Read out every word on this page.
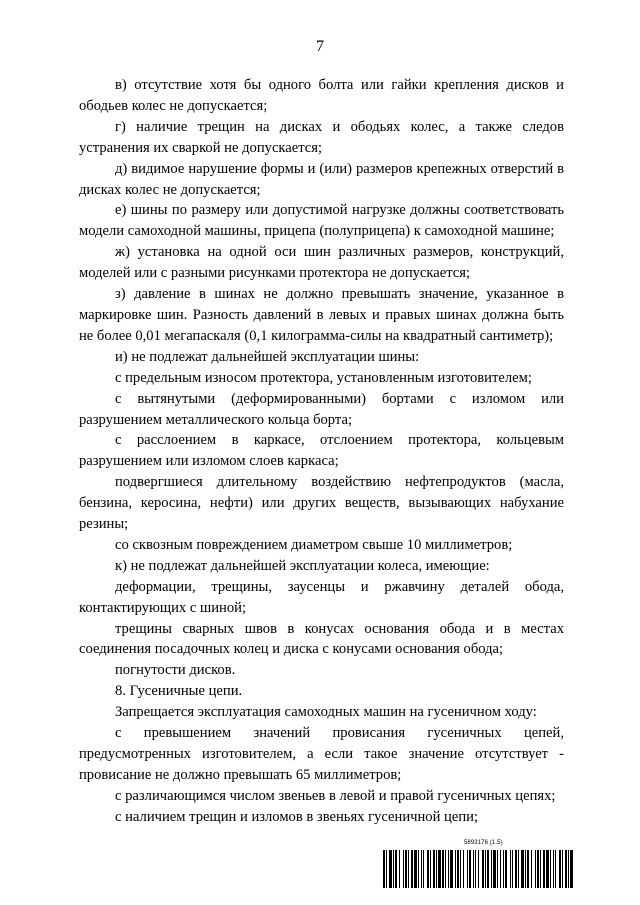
7

в) отсутствие хотя бы одного болта или гайки крепления дисков и ободьев колес не допускается;

г) наличие трещин на дисках и ободьях колес, а также следов устранения их сваркой не допускается;

д) видимое нарушение формы и (или) размеров крепежных отверстий в дисках колес не допускается;

е) шины по размеру или допустимой нагрузке должны соответствовать модели самоходной машины, прицепа (полуприцепа) к самоходной машине;

ж) установка на одной оси шин различных размеров, конструкций, моделей или с разными рисунками протектора не допускается;

з) давление в шинах не должно превышать значение, указанное в маркировке шин. Разность давлений в левых и правых шинах должна быть не более 0,01 мегапаскаля (0,1 килограмма-силы на квадратный сантиметр);

и) не подлежат дальнейшей эксплуатации шины:

с предельным износом протектора, установленным изготовителем;

с вытянутыми (деформированными) бортами с изломом или разрушением металлического кольца борта;

с расслоением в каркасе, отслоением протектора, кольцевым разрушением или изломом слоев каркаса;

подвергшиеся длительному воздействию нефтепродуктов (масла, бензина, керосина, нефти) или других веществ, вызывающих набухание резины;

со сквозным повреждением диаметром свыше 10 миллиметров;

к) не подлежат дальнейшей эксплуатации колеса, имеющие:

деформации, трещины, заусенцы и ржавчину деталей обода, контактирующих с шиной;

трещины сварных швов в конусах основания обода и в местах соединения посадочных колец и диска с конусами основания обода;

погнутости дисков.

8. Гусеничные цепи.

Запрещается эксплуатация самоходных машин на гусеничном ходу:

с превышением значений провисания гусеничных цепей, предусмотренных изготовителем, а если такое значение отсутствует - провисание не должно превышать 65 миллиметров;

с различающимся числом звеньев в левой и правой гусеничных цепях;

с наличием трещин и изломов в звеньях гусеничной цепи;

5893176 (1.5)
